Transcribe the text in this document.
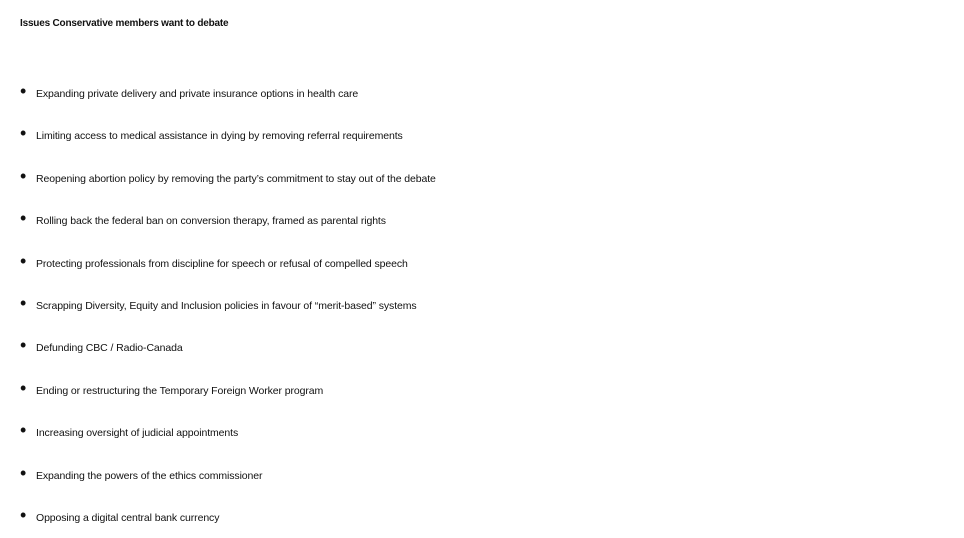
Issues Conservative members want to debate
• Expanding private delivery and private insurance options in health care
• Limiting access to medical assistance in dying by removing referral requirements
• Reopening abortion policy by removing the party’s commitment to stay out of the debate
• Rolling back the federal ban on conversion therapy, framed as parental rights
• Protecting professionals from discipline for speech or refusal of compelled speech
• Scrapping Diversity, Equity and Inclusion policies in favour of “merit-based” systems
• Defunding CBC / Radio-Canada
• Ending or restructuring the Temporary Foreign Worker program
• Increasing oversight of judicial appointments
• Expanding the powers of the ethics commissioner
• Opposing a digital central bank currency
